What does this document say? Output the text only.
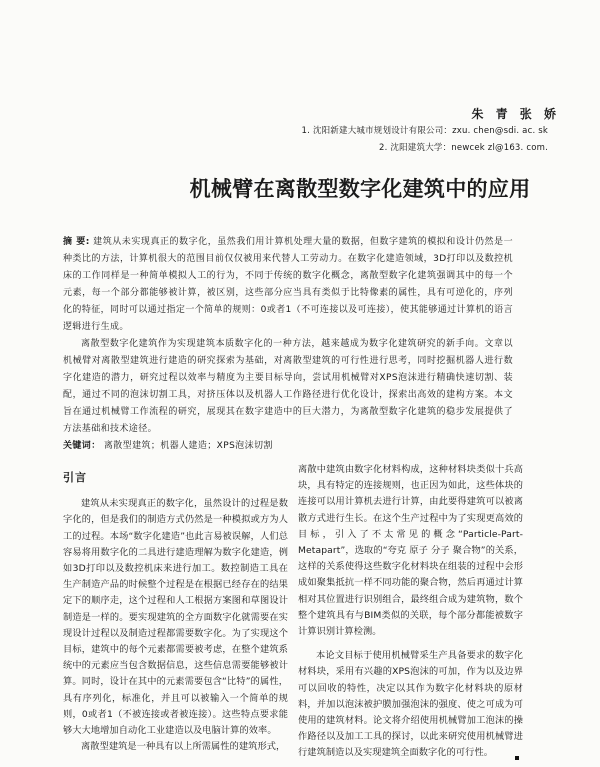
朱 青 张 娇
1. 沈阳新建大城市规划设计有限公司：zxu. chen@sdi. ac. sk
2. 沈阳建筑大学：newcek zl@163. com.
机械臂在离散型数字化建筑中的应用

摘 要: 建筑从未实现真正的数字化，虽然我们用计算机处理大量的数据，但数字建筑的模拟和设计仍然是一种类比的方法，计算机很大的范围目前仅仅被用来代替人工劳动力。在数字化建造领域，3D打印以及数控机床的工作同样是一种简单模拟人工的行为，不同于传统的数字化概念，离散型数字化建筑强调其中的每一个元素，每一个部分都能够被计算，被区别，这些部分应当具有类似于比特像素的属性，具有可逆化的，序列化的特征，同时可以通过指定一个简单的规则：0或者1（不可连接以及可连接），使其能够通过计算机的语言逻辑进行生成。

离散型数字化建筑作为实现建筑本质数字化的一种方法，越来越成为数字化建筑研究的新手向。文章以机械臂对离散型建筑进行建造的研究探索为基础，对离散型建筑的可行性进行思考，同时挖掘机器人进行数字化建造的潜力，研究过程以效率与精度为主要目标导向，尝试用机械臂对XPS泡沫进行精确快速切割、装配，通过不同的泡沫切割工具，对挤压体以及机器人工作路径进行优化设计，探索出高效的建构方案。本文旨在通过机械臂工作流程的研究，展现其在数字建造中的巨大潜力，为离散型数字化建筑的稳步发展提供了方法基础和技术途径。

关键词： 离散型建筑；机器人建造；XPS泡沫切割

引言

建筑从未实现真正的数字化，虽然设计的过程是数字化的，但是我们的制造方式仍然是一种模拟或方为人工的过程。本场“数字化建造”也此言易被误解，人们总容易将用数字化的二具进行建造理解为数字化建造，例如3D打印以及数控机床来进行加工。数控制造工具在生产制造产品的时候整个过程是在根据已经存在的结果定下的顺序走，这个过程和人工根据方案图和草图设计制造是一样的。要实现建筑的全方面数字化就需要在实现设计过程以及制造过程都需要数字化。为了实现这个目标，建筑中的每个元素都需要被考虑，在整个建筑系统中的元素应当包含数据信息，这些信息需要能够被计算。同时，设计在其中的元素需要包含“比特”的属性，具有序列化，标准化，并且可以被输入一个简单的规则，0或者1（不被连接或者被连接）。这些特点要求能够大大地增加自动化工业建造以及电脑计算的效率。

离散型建筑是一种具有以上所需属性的建筑形式，

离散中建筑由数字化材料构成，这种材料块类似十兵高块，具有特定的连接规则，也正因为如此，这些体块的连接可以用计算机去进行计算，由此要得建筑可以被离散方式进行生长。在这个生产过程中为了实现更高效的目标，引入了不太常见的概念“Particle-Part-Metapart”，选取的“夸克 原子 分子 聚合物”的关系，这样的关系使得这些数字化材料块在组装的过程中会形成如聚集抵抗一样不同功能的聚合物，然后再通过计算相对其位置进行识别组合，最终组合成为建筑物，数个整个建筑具有与BIM类似的关联，每个部分都能被数字计算识别计算检测。

本论文目标于使用机械臂采生产具备要求的数字化材料块，采用有兴趣的XPS泡沫的可加，作为以及边界可以回收的特性，决定以其作为数字化材料块的原材料，并加以泡沫被护膜加强泡沫的强度、使之可成为可使用的建筑材料。论文将介绍使用机械臂加工泡沫的操作路径以及加工工具的探讨，以此来研究使用机械臂进行建筑制造以及实现建筑全面数字化的可行性。
